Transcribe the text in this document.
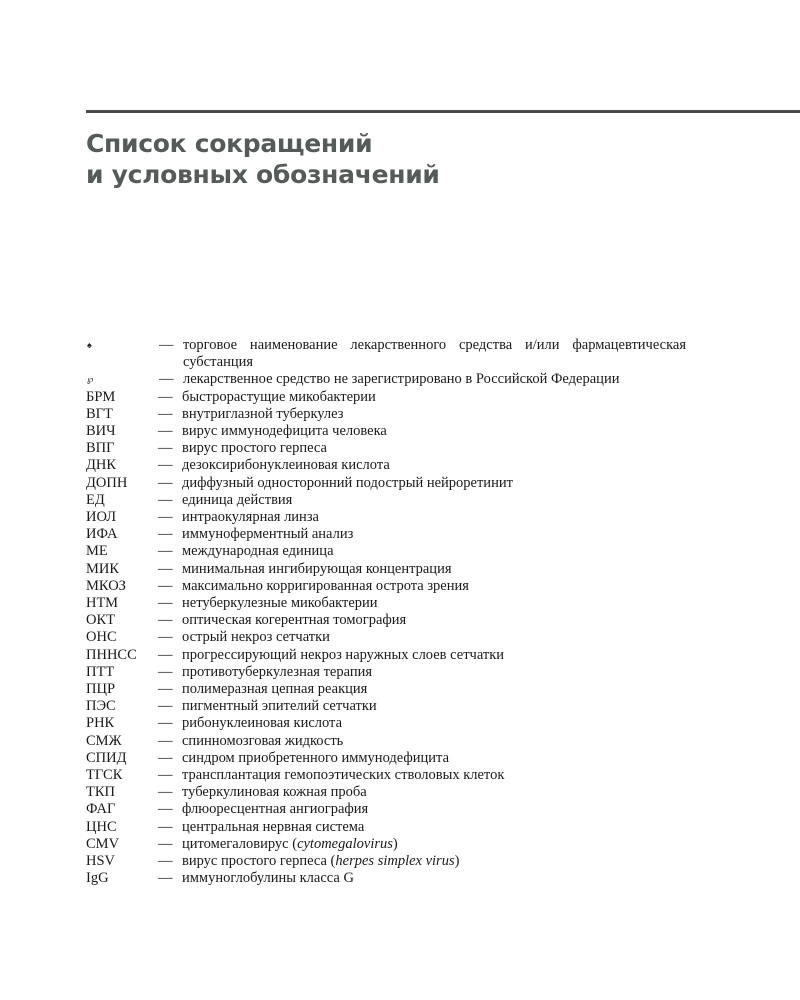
Список сокращений
и условных обозначений
♠	— торговое наименование лекарственного средства и/или фармацевтическая субстанция
℘	— лекарственное средство не зарегистрировано в Российской Федерации
БРМ	— быстрорастущие микобактерии
ВГТ	— внутриглазной туберкулез
ВИЧ	— вирус иммунодефицита человека
ВПГ	— вирус простого герпеса
ДНК	— дезоксирибонуклеиновая кислота
ДОПН	— диффузный односторонний подострый нейроретинит
ЕД	— единица действия
ИОЛ	— интраокулярная линза
ИФА	— иммуноферментный анализ
МЕ	— международная единица
МИК	— минимальная ингибирующая концентрация
МКОЗ	— максимально корригированная острота зрения
НТМ	— нетуберкулезные микобактерии
ОКТ	— оптическая когерентная томография
ОНС	— острый некроз сетчатки
ПННСС	— прогрессирующий некроз наружных слоев сетчатки
ПТТ	— противотуберкулезная терапия
ПЦР	— полимеразная цепная реакция
ПЭС	— пигментный эпителий сетчатки
РНК	— рибонуклеиновая кислота
СМЖ	— спинномозговая жидкость
СПИД	— синдром приобретенного иммунодефицита
ТГСК	— трансплантация гемопоэтических стволовых клеток
ТКП	— туберкулиновая кожная проба
ФАГ	— флюоресцентная ангиография
ЦНС	— центральная нервная система
CMV	— цитомегаловирус (cytomegalovirus)
HSV	— вирус простого герпеса (herpes simplex virus)
IgG	— иммуноглобулины класса G
